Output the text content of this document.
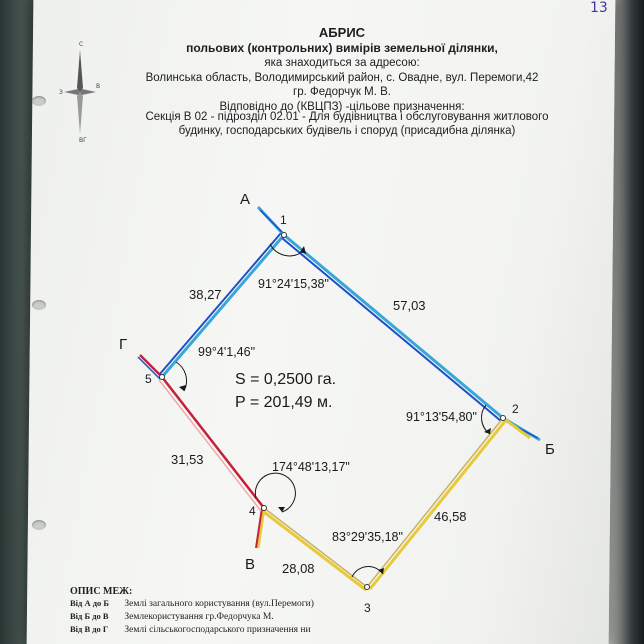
13
С
З
В
ВГ
АБРИС
польових (контрольних) вимірів земельної ділянки,
яка знаходиться за адресою:
Волинська область, Володимирський район, с. Овадне, вул. Перемоги,42
гр. Федорчук М. В.
Відповідно до (КВЦПЗ) -цільове призначення:
Секція В 02 - підрозділ 02.01 - Для будівництва і обслуговування житлового
будинку, господарських будівель і споруд (присадибна ділянка)
1
2
3
4
5
А
Б
В
Г
38,27
57,03
46,58
28,08
31,53
91°24'15,38"
91°13'54,80"
83°29'35,18"
174°48'13,17"
99°4'1,46"
S = 0,2500 га.
P = 201,49 м.
ОПИС МЕЖ:
Від А до Б Землі загального користування (вул.Перемоги)
Від Б до В Землекористування гр.Федорчука М.
Від В до Г Землі сільськогосподарського призначення ни
